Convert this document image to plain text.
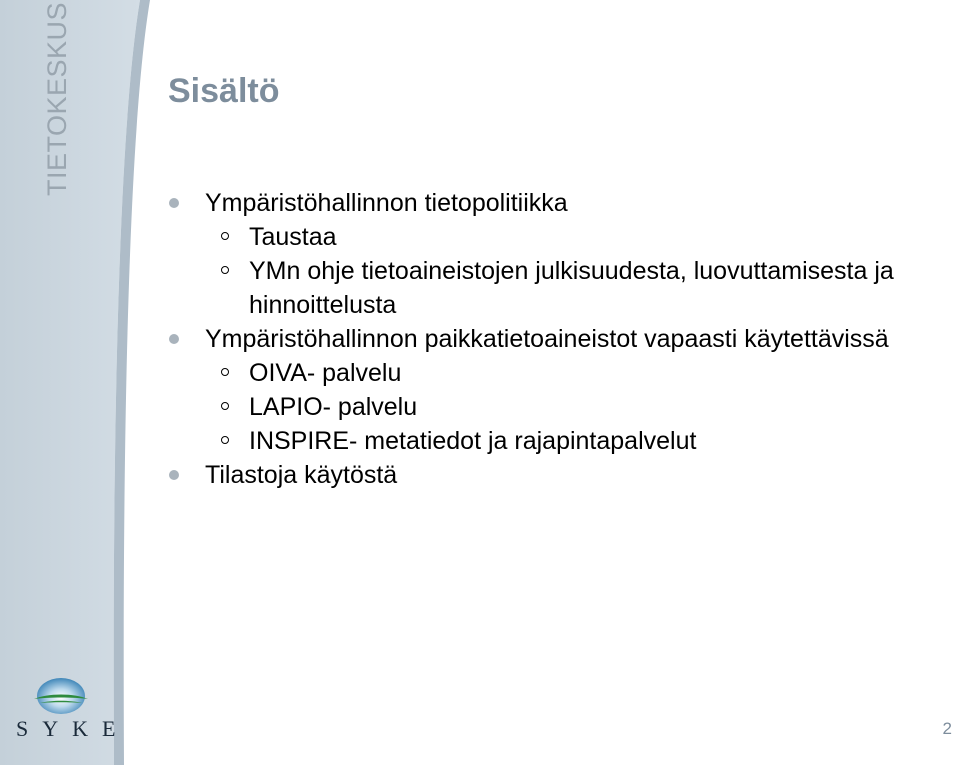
TIETOKESKUS	Sisältö
Ympäristöhallinnon tietopolitiikka
Taustaa
YMn ohje tietoaineistojen julkisuudesta, luovuttamisesta ja hinnoittelusta
Ympäristöhallinnon paikkatietoaineistot vapaasti käytettävissä
OIVA- palvelu
LAPIO- palvelu
INSPIRE- metatiedot ja rajapintapalvelut
Tilastoja käytöstä
SYKE	2
